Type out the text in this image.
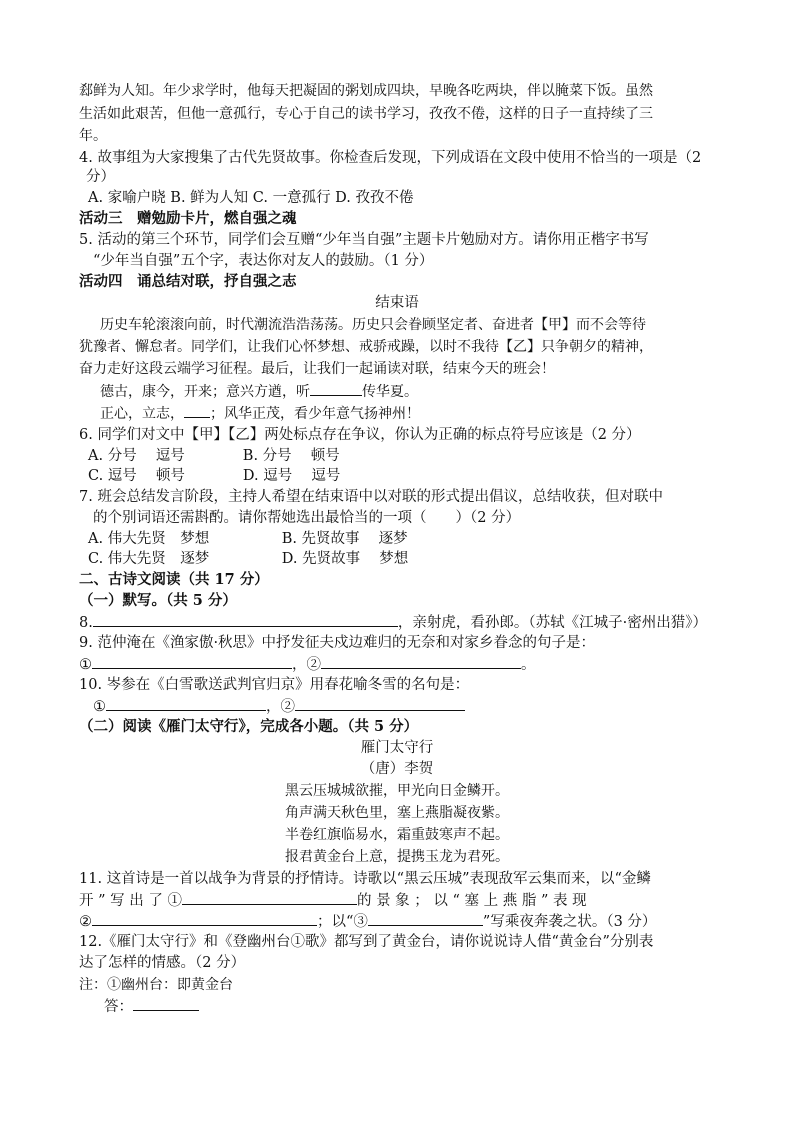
郄鲜为人知。年少求学时，他每天把凝固的粥划成四块，早晚各吃两块，伴以腌菜下饭。虽然
生活如此艰苦，但他一意孤行，专心于自己的读书学习，孜孜不倦，这样的日子一直持续了三
年。
4. 故事组为大家搜集了古代先贤故事。你检查后发现，下列成语在文段中使用不恰当的一项是（2
分）
A. 家喻户晓 B. 鲜为人知 C. 一意孤行 D. 孜孜不倦
活动三　赠勉励卡片，燃自强之魂
5. 活动的第三个环节，同学们会互赠“少年当自强”主题卡片勉励对方。请你用正楷字书写
“少年当自强”五个字，表达你对友人的鼓励。（1 分）
活动四　诵总结对联，抒自强之志
结束语
历史车轮滚滚向前，时代潮流浩浩荡荡。历史只会眷顾坚定者、奋进者【甲】而不会等待
犹豫者、懈怠者。同学们，让我们心怀梦想、戒骄戒躁，以时不我待【乙】只争朝夕的精神，
奋力走好这段云端学习征程。最后，让我们一起诵读对联，结束今天的班会！
德古，康今，开来；意兴方遒，听	传华夏。
正心，立志， ；风华正茂，看少年意气扬神州！
6. 同学们对文中【甲】【乙】两处标点存在争议，你认为正确的标点符号应该是（2 分）
A. 分号　 逗号　　　　B. 分号　 顿号
C. 逗号　 顿号　　　　D. 逗号　 逗号
7. 班会总结发言阶段，主持人希望在结束语中以对联的形式提出倡议，总结收获，但对联中
的个别词语还需斟酌。请你帮她选出最恰当的一项（　　）（2 分）
A. 伟大先贤　梦想　　　　　B. 先贤故事　 逐梦
C. 伟大先贤　逐梦　　　　　D. 先贤故事　 梦想
二、古诗文阅读（共 17 分）
（一）默写。（共 5 分）
8.	，亲射虎，看孙郎。（苏轼《江城子·密州出猎》）
9. 范仲淹在《渔家傲·秋思》中抒发征夫戍边难归的无奈和对家乡眷念的句子是：
①	，②	。
10. 岑参在《白雪歌送武判官归京》用春花喻冬雪的名句是：
①	，②
（二）阅读《雁门太守行》，完成各小题。（共 5 分）
雁门太守行
（唐）李贺
黑云压城城欲摧，甲光向日金鳞开。
角声满天秋色里，塞上燕脂凝夜紫。
半卷红旗临易水，霜重鼓寒声不起。
报君黄金台上意，提携玉龙为君死。
11. 这首诗是一首以战争为背景的抒情诗。诗歌以“黑云压城”表现敌军云集而来，以“金鳞
开 ” 写 出 了 ①	的 景 象 ； 以 “ 塞 上 燕 脂 ” 表 现
②	；以“③	”写乘夜奔袭之状。（3 分）
12.《雁门太守行》和《登幽州台①歌》都写到了黄金台，请你说说诗人借“黄金台”分别表
达了怎样的情感。（2 分）
注：①幽州台：即黄金台
答：
